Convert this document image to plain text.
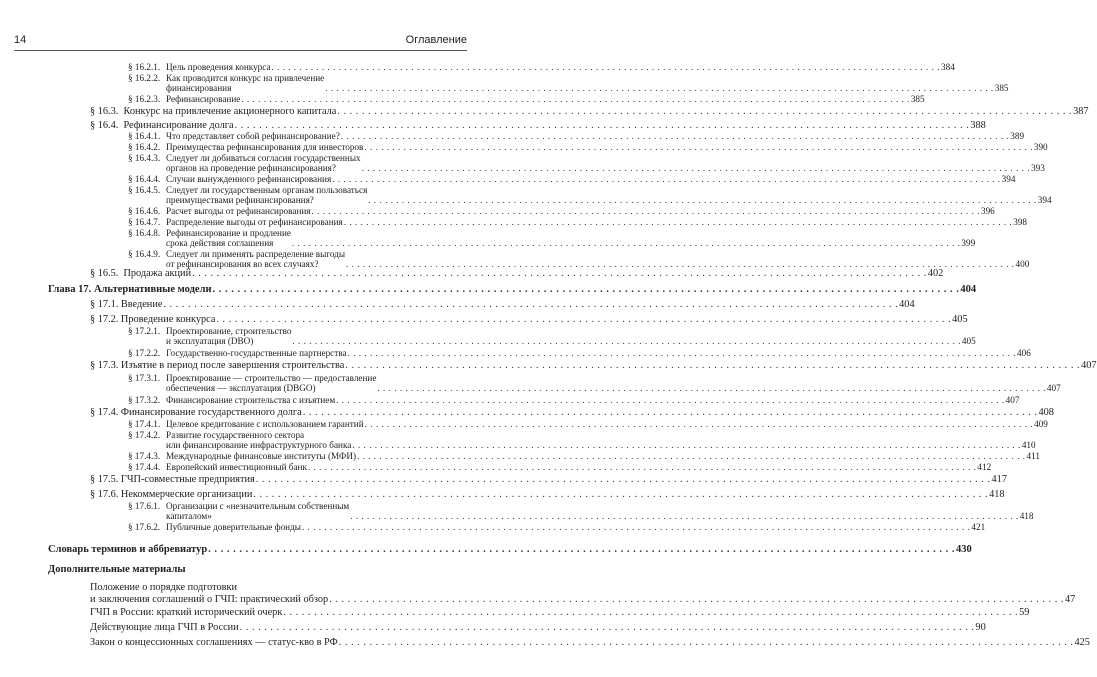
14	Оглавление
§ 16.2.1. Цель проведения конкурса . . . . . . . . . . . . . . . . . . . . . . . . . . . . . . . . . . . . . . . . . . . . . . . . . . . . . . . . . . . . . . . . . . . . . . . . . . . . . . . . . . . . . . . . . . . . . . . . . . . . . . . . . . . . . . . . . . . . . . . . 384
§ 16.2.2. Как проводится конкурс на привлечение
финансирования	. . . . . . . . . . . . . . . . . . . . . . . . . . . . . . . . . . . . . . . . . . . . . . . . . . . . . . . . . . . . . . . . . . . . . . . . . . . . . . . . . . . . . . . . . . . . . . . . . . . . . . . . . . . . . . . . . . . . . . . . 385
§ 16.2.3. Рефинансирование . . . . . . . . . . . . . . . . . . . . . . . . . . . . . . . . . . . . . . . . . . . . . . . . . . . . . . . . . . . . . . . . . . . . . . . . . . . . . . . . . . . . . . . . . . . . . . . . . . . . . . . . . . . . . . . . . . . . . . . . 385
§ 16.3. Конкурс на привлечение акционерного капитала . . . . . . . . . . . . . . . . . . . . . . . . . . . . . . . . . . . . . . . . . . . . . . . . . . . . . . . . . . . . . . . . . . . . . . . . . . . . . . . . . . . . . . . . . . . . . . . . . . . . . . . . . . . . . . . . . . . . . . . . 387
§ 16.4. Рефинансирование долга . . . . . . . . . . . . . . . . . . . . . . . . . . . . . . . . . . . . . . . . . . . . . . . . . . . . . . . . . . . . . . . . . . . . . . . . . . . . . . . . . . . . . . . . . . . . . . . . . . . . . . . . . . . . . . . . . . . . . . . . 388
§ 16.4.1. Что представляет собой рефинансирование? . . . . . . . . . . . . . . . . . . . . . . . . . . . . . . . . . . . . . . . . . . . . . . . . . . . . . . . . . . . . . . . . . . . . . . . . . . . . . . . . . . . . . . . . . . . . . . . . . . . . . . . . . . . . . . . . . . . . . . . . 389
§ 16.4.2. Преимущества рефинансирования для инвесторов . . . . . . . . . . . . . . . . . . . . . . . . . . . . . . . . . . . . . . . . . . . . . . . . . . . . . . . . . . . . . . . . . . . . . . . . . . . . . . . . . . . . . . . . . . . . . . . . . . . . . . . . . . . . . . . . . . . . . . . . 390
§ 16.4.3. Следует ли добиваться согласия государственных
органов на проведение рефинансирования?	. . . . . . . . . . . . . . . . . . . . . . . . . . . . . . . . . . . . . . . . . . . . . . . . . . . . . . . . . . . . . . . . . . . . . . . . . . . . . . . . . . . . . . . . . . . . . . . . . . . . . . . . . . . . . . . . . . . . . . . . 393
§ 16.4.4. Случаи вынужденного рефинансирования . . . . . . . . . . . . . . . . . . . . . . . . . . . . . . . . . . . . . . . . . . . . . . . . . . . . . . . . . . . . . . . . . . . . . . . . . . . . . . . . . . . . . . . . . . . . . . . . . . . . . . . . . . . . . . . . . . . . . . . . 394
§ 16.4.5. Следует ли государственным органам пользоваться
преимуществами рефинансирования?	. . . . . . . . . . . . . . . . . . . . . . . . . . . . . . . . . . . . . . . . . . . . . . . . . . . . . . . . . . . . . . . . . . . . . . . . . . . . . . . . . . . . . . . . . . . . . . . . . . . . . . . . . . . . . . . . . . . . . . . . 394
§ 16.4.6. Расчет выгоды от рефинансирования . . . . . . . . . . . . . . . . . . . . . . . . . . . . . . . . . . . . . . . . . . . . . . . . . . . . . . . . . . . . . . . . . . . . . . . . . . . . . . . . . . . . . . . . . . . . . . . . . . . . . . . . . . . . . . . . . . . . . . . . 396
§ 16.4.7. Распределение выгоды от рефинансирования . . . . . . . . . . . . . . . . . . . . . . . . . . . . . . . . . . . . . . . . . . . . . . . . . . . . . . . . . . . . . . . . . . . . . . . . . . . . . . . . . . . . . . . . . . . . . . . . . . . . . . . . . . . . . . . . . . . . . . . . 398
§ 16.4.8. Рефинансирование и продление
срока действия соглашения	. . . . . . . . . . . . . . . . . . . . . . . . . . . . . . . . . . . . . . . . . . . . . . . . . . . . . . . . . . . . . . . . . . . . . . . . . . . . . . . . . . . . . . . . . . . . . . . . . . . . . . . . . . . . . . . . . . . . . . . . 399
§ 16.4.9. Следует ли применять распределение выгоды
от рефинансирования во всех случаях?	. . . . . . . . . . . . . . . . . . . . . . . . . . . . . . . . . . . . . . . . . . . . . . . . . . . . . . . . . . . . . . . . . . . . . . . . . . . . . . . . . . . . . . . . . . . . . . . . . . . . . . . . . . . . . . . . . . . . . . . . 400
§ 16.5. Продажа акций . . . . . . . . . . . . . . . . . . . . . . . . . . . . . . . . . . . . . . . . . . . . . . . . . . . . . . . . . . . . . . . . . . . . . . . . . . . . . . . . . . . . . . . . . . . . . . . . . . . . . . . . . . . . . . . . . . . . . . . . 402
Глава 17. Альтернативные модели . . . . . . . . . . . . . . . . . . . . . . . . . . . . . . . . . . . . . . . . . . . . . . . . . . . . . . . . . . . . . . . . . . . . . . . . . . . . . . . . . . . . . . . . . . . . . . . . . . . . . . . . . . . . . . . . . . . . . . . . 404
§ 17.1. Введение . . . . . . . . . . . . . . . . . . . . . . . . . . . . . . . . . . . . . . . . . . . . . . . . . . . . . . . . . . . . . . . . . . . . . . . . . . . . . . . . . . . . . . . . . . . . . . . . . . . . . . . . . . . . . . . . . . . . . . . . 404
§ 17.2. Проведение конкурса . . . . . . . . . . . . . . . . . . . . . . . . . . . . . . . . . . . . . . . . . . . . . . . . . . . . . . . . . . . . . . . . . . . . . . . . . . . . . . . . . . . . . . . . . . . . . . . . . . . . . . . . . . . . . . . . . . . . . . . . 405
§ 17.2.1. Проектирование, строительство
и эксплуатация (DBO)	. . . . . . . . . . . . . . . . . . . . . . . . . . . . . . . . . . . . . . . . . . . . . . . . . . . . . . . . . . . . . . . . . . . . . . . . . . . . . . . . . . . . . . . . . . . . . . . . . . . . . . . . . . . . . . . . . . . . . . . . 405
§ 17.2.2. Государственно-государственные партнерства . . . . . . . . . . . . . . . . . . . . . . . . . . . . . . . . . . . . . . . . . . . . . . . . . . . . . . . . . . . . . . . . . . . . . . . . . . . . . . . . . . . . . . . . . . . . . . . . . . . . . . . . . . . . . . . . . . . . . . . . 406
§ 17.3. Изъятие в период после завершения строительства . . . . . . . . . . . . . . . . . . . . . . . . . . . . . . . . . . . . . . . . . . . . . . . . . . . . . . . . . . . . . . . . . . . . . . . . . . . . . . . . . . . . . . . . . . . . . . . . . . . . . . . . . . . . . . . . . . . . . . . . 407
§ 17.3.1. Проектирование — строительство — предоставление
обеспечения — эксплуатация (DBGO)	. . . . . . . . . . . . . . . . . . . . . . . . . . . . . . . . . . . . . . . . . . . . . . . . . . . . . . . . . . . . . . . . . . . . . . . . . . . . . . . . . . . . . . . . . . . . . . . . . . . . . . . . . . . . . . . . . . . . . . . . 407
§ 17.3.2. Финансирование строительства с изъятием . . . . . . . . . . . . . . . . . . . . . . . . . . . . . . . . . . . . . . . . . . . . . . . . . . . . . . . . . . . . . . . . . . . . . . . . . . . . . . . . . . . . . . . . . . . . . . . . . . . . . . . . . . . . . . . . . . . . . . . . 407
§ 17.4. Финансирование государственного долга . . . . . . . . . . . . . . . . . . . . . . . . . . . . . . . . . . . . . . . . . . . . . . . . . . . . . . . . . . . . . . . . . . . . . . . . . . . . . . . . . . . . . . . . . . . . . . . . . . . . . . . . . . . . . . . . . . . . . . . . 408
§ 17.4.1. Целевое кредитование с использованием гарантий . . . . . . . . . . . . . . . . . . . . . . . . . . . . . . . . . . . . . . . . . . . . . . . . . . . . . . . . . . . . . . . . . . . . . . . . . . . . . . . . . . . . . . . . . . . . . . . . . . . . . . . . . . . . . . . . . . . . . . . . 409
§ 17.4.2. Развитие государственного сектора
или финансирование инфраструктурного банка . . . . . . . . . . . . . . . . . . . . . . . . . . . . . . . . . . . . . . . . . . . . . . . . . . . . . . . . . . . . . . . . . . . . . . . . . . . . . . . . . . . . . . . . . . . . . . . . . . . . . . . . . . . . . . . . . . . . . . . . 410
§ 17.4.3. Международные финансовые институты (МФИ) . . . . . . . . . . . . . . . . . . . . . . . . . . . . . . . . . . . . . . . . . . . . . . . . . . . . . . . . . . . . . . . . . . . . . . . . . . . . . . . . . . . . . . . . . . . . . . . . . . . . . . . . . . . . . . . . . . . . . . . . 411
§ 17.4.4. Европейский инвестиционный банк . . . . . . . . . . . . . . . . . . . . . . . . . . . . . . . . . . . . . . . . . . . . . . . . . . . . . . . . . . . . . . . . . . . . . . . . . . . . . . . . . . . . . . . . . . . . . . . . . . . . . . . . . . . . . . . . . . . . . . . . 412
§ 17.5. ГЧП-совместные предприятия . . . . . . . . . . . . . . . . . . . . . . . . . . . . . . . . . . . . . . . . . . . . . . . . . . . . . . . . . . . . . . . . . . . . . . . . . . . . . . . . . . . . . . . . . . . . . . . . . . . . . . . . . . . . . . . . . . . . . . . . 417
§ 17.6. Некоммерческие организации . . . . . . . . . . . . . . . . . . . . . . . . . . . . . . . . . . . . . . . . . . . . . . . . . . . . . . . . . . . . . . . . . . . . . . . . . . . . . . . . . . . . . . . . . . . . . . . . . . . . . . . . . . . . . . . . . . . . . . . . 418
§ 17.6.1. Организации с «незначительным собственным
капиталом»	. . . . . . . . . . . . . . . . . . . . . . . . . . . . . . . . . . . . . . . . . . . . . . . . . . . . . . . . . . . . . . . . . . . . . . . . . . . . . . . . . . . . . . . . . . . . . . . . . . . . . . . . . . . . . . . . . . . . . . . . 418
§ 17.6.2. Публичные доверительные фонды . . . . . . . . . . . . . . . . . . . . . . . . . . . . . . . . . . . . . . . . . . . . . . . . . . . . . . . . . . . . . . . . . . . . . . . . . . . . . . . . . . . . . . . . . . . . . . . . . . . . . . . . . . . . . . . . . . . . . . . . 421
Словарь терминов и аббревиатур . . . . . . . . . . . . . . . . . . . . . . . . . . . . . . . . . . . . . . . . . . . . . . . . . . . . . . . . . . . . . . . . . . . . . . . . . . . . . . . . . . . . . . . . . . . . . . . . . . . . . . . . . . . . . . . . . . . . . . . . 430
Положение о порядке подготовки
и заключения соглашений о ГЧП: практический обзор . . . . . . . . . . . . . . . . . . . . . . . . . . . . . . . . . . . . . . . . . . . . . . . . . . . . . . . . . . . . . . . . . . . . . . . . . . . . . . . . . . . . . . . . . . . . . . . . . . . . . . . . . . . . . . . . . . . . . . . . 47
ГЧП в России: краткий исторический очерк . . . . . . . . . . . . . . . . . . . . . . . . . . . . . . . . . . . . . . . . . . . . . . . . . . . . . . . . . . . . . . . . . . . . . . . . . . . . . . . . . . . . . . . . . . . . . . . . . . . . . . . . . . . . . . . . . . . . . . . . 59
Действующие лица ГЧП в России . . . . . . . . . . . . . . . . . . . . . . . . . . . . . . . . . . . . . . . . . . . . . . . . . . . . . . . . . . . . . . . . . . . . . . . . . . . . . . . . . . . . . . . . . . . . . . . . . . . . . . . . . . . . . . . . . . . . . . . . 90
Закон о концессионных соглашениях — статус-кво в РФ . . . . . . . . . . . . . . . . . . . . . . . . . . . . . . . . . . . . . . . . . . . . . . . . . . . . . . . . . . . . . . . . . . . . . . . . . . . . . . . . . . . . . . . . . . . . . . . . . . . . . . . . . . . . . . . . . . . . . . . . 425
Дополнительные материалы
